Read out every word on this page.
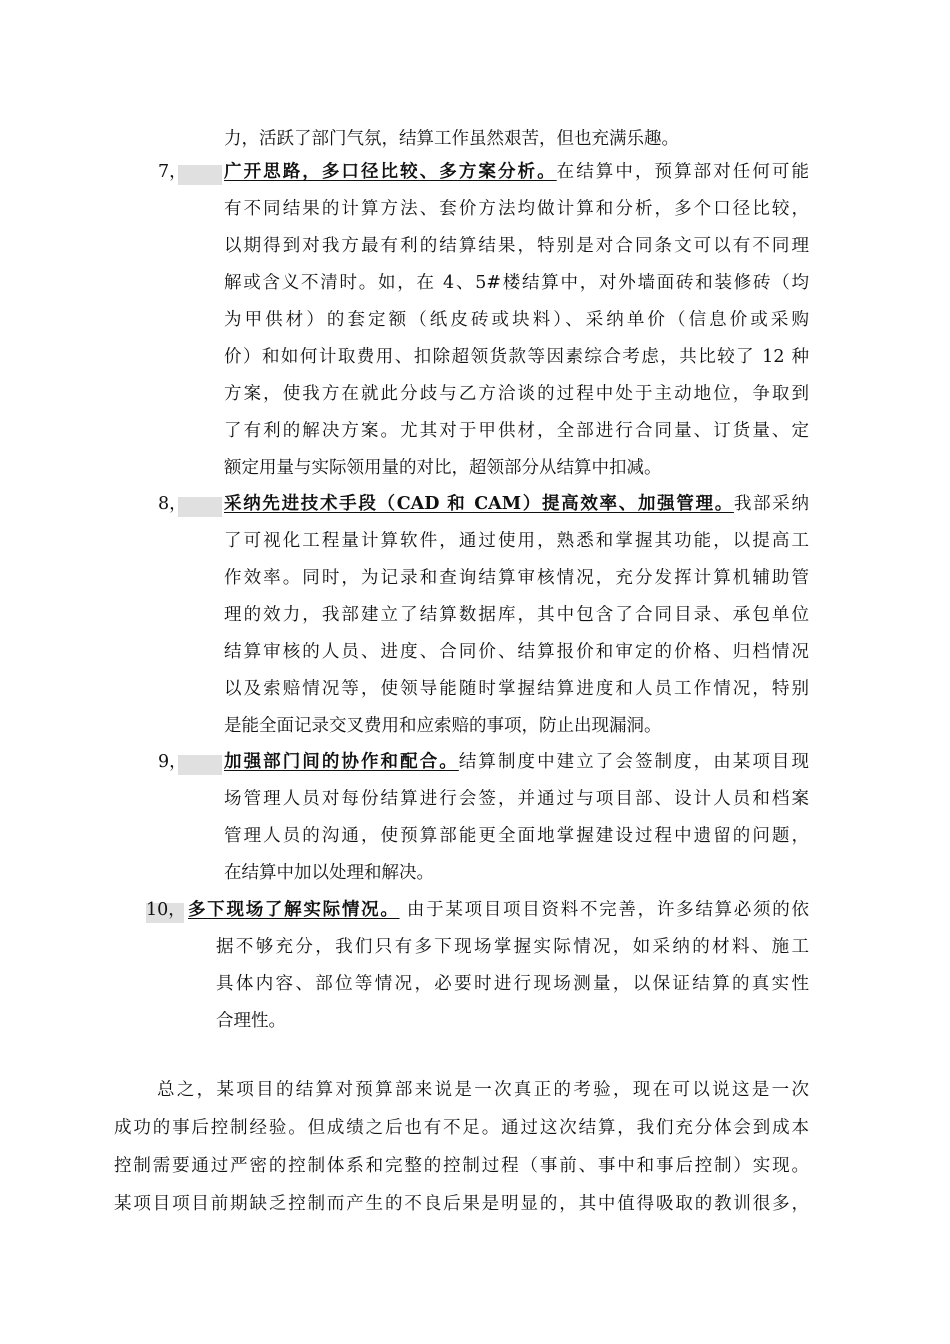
力，活跃了部门气氛，结算工作虽然艰苦，但也充满乐趣。
7， 广开思路，多口径比较、多方案分析。在结算中，预算部对任何可能
有不同结果的计算方法、套价方法均做计算和分析，多个口径比较，
以期得到对我方最有利的结算结果，特别是对合同条文可以有不同理
解或含义不清时。如，在 4、5#楼结算中，对外墙面砖和装修砖（均
为甲供材）的套定额（纸皮砖或块料）、采纳单价（信息价或采购
价）和如何计取费用、扣除超领货款等因素综合考虑，共比较了 12 种
方案，使我方在就此分歧与乙方洽谈的过程中处于主动地位，争取到
了有利的解决方案。尤其对于甲供材，全部进行合同量、订货量、定
额定用量与实际领用量的对比，超领部分从结算中扣减。
8， 采纳先进技术手段（CAD 和 CAM）提高效率、加强管理。我部采纳
了可视化工程量计算软件，通过使用，熟悉和掌握其功能，以提高工
作效率。同时，为记录和查询结算审核情况，充分发挥计算机辅助管
理的效力，我部建立了结算数据库，其中包含了合同目录、承包单位
结算审核的人员、进度、合同价、结算报价和审定的价格、归档情况
以及索赔情况等，使领导能随时掌握结算进度和人员工作情况，特别
是能全面记录交叉费用和应索赔的事项，防止出现漏洞。
9， 加强部门间的协作和配合。结算制度中建立了会签制度，由某项目现
场管理人员对每份结算进行会签，并通过与项目部、设计人员和档案
管理人员的沟通，使预算部能更全面地掌握建设过程中遗留的问题，
在结算中加以处理和解决。
10， 多下现场了解实际情况。 由于某项目项目资料不完善，许多结算必须的依
据不够充分，我们只有多下现场掌握实际情况，如采纳的材料、施工
具体内容、部位等情况，必要时进行现场测量，以保证结算的真实性
合理性。
总之，某项目的结算对预算部来说是一次真正的考验，现在可以说这是一次
成功的事后控制经验。但成绩之后也有不足。通过这次结算，我们充分体会到成本
控制需要通过严密的控制体系和完整的控制过程（事前、事中和事后控制）实现。
某项目项目前期缺乏控制而产生的不良后果是明显的，其中值得吸取的教训很多，
